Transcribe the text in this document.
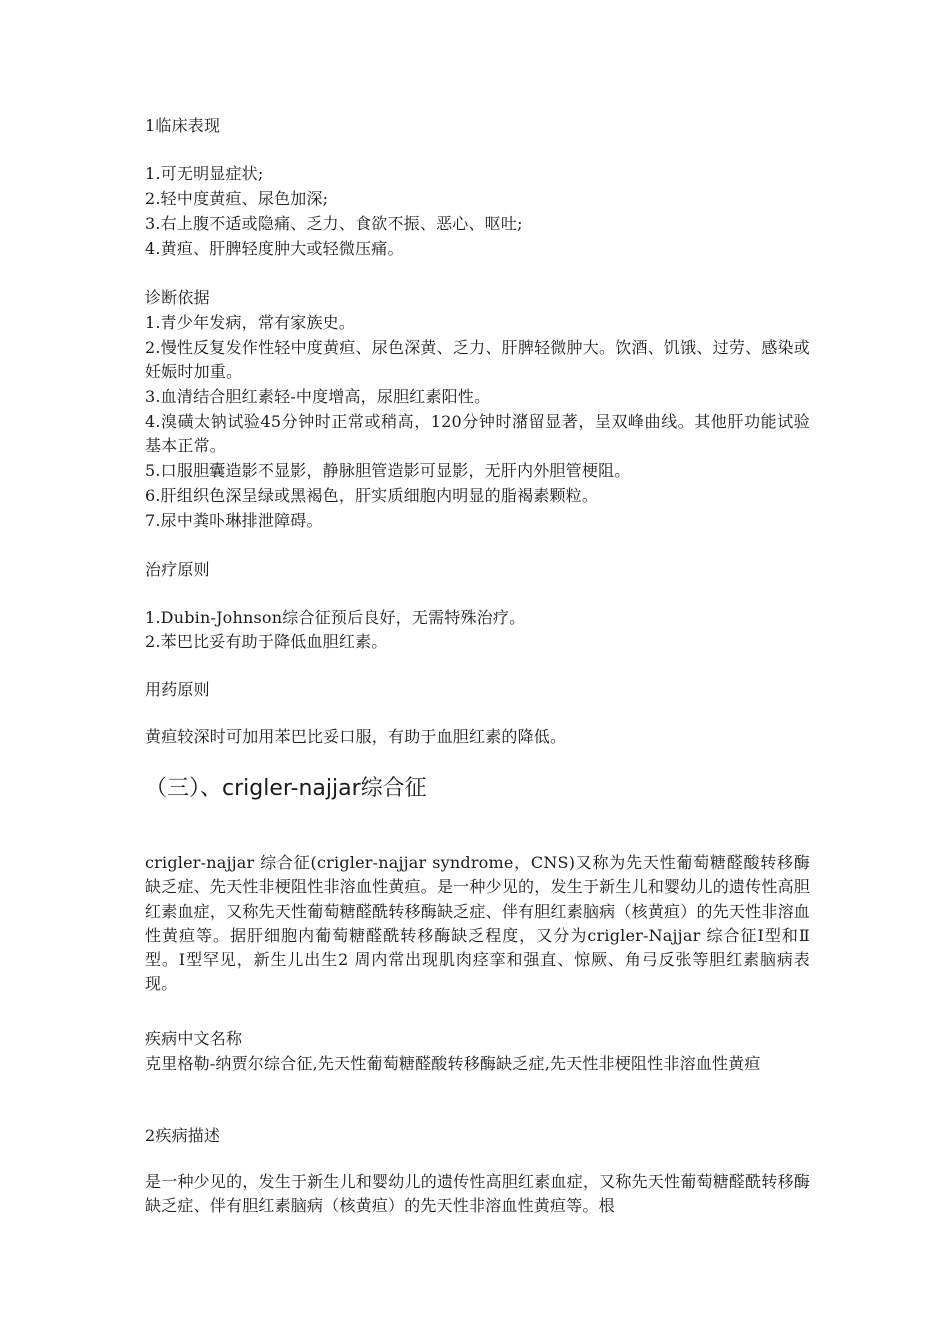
1临床表现
1.可无明显症状;
2.轻中度黄疸、尿色加深;
3.右上腹不适或隐痛、乏力、食欲不振、恶心、呕吐;
4.黄疸、肝脾轻度肿大或轻微压痛。
诊断依据
1.青少年发病，常有家族史。
2.慢性反复发作性轻中度黄疸、尿色深黄、乏力、肝脾轻微肿大。饮酒、饥饿、过劳、感染或妊娠时加重。
3.血清结合胆红素轻-中度增高，尿胆红素阳性。
4.溴磺太钠试验45分钟时正常或稍高，120分钟时潴留显著，呈双峰曲线。其他肝功能试验基本正常。
5.口服胆囊造影不显影，静脉胆管造影可显影，无肝内外胆管梗阻。
6.肝组织色深呈绿或黑褐色，肝实质细胞内明显的脂褐素颗粒。
7.尿中粪卟琳排泄障碍。
治疗原则
1.Dubin-Johnson综合征预后良好，无需特殊治疗。
2.苯巴比妥有助于降低血胆红素。
用药原则
黄疸较深时可加用苯巴比妥口服，有助于血胆红素的降低。
（三）、crigler-najjar综合征
crigler-najjar 综合征(crigler-najjar syndrome，CNS)又称为先天性葡萄糖醛酸转移酶缺乏症、先天性非梗阻性非溶血性黄疸。是一种少见的，发生于新生儿和婴幼儿的遗传性高胆红素血症，又称先天性葡萄糖醛酰转移酶缺乏症、伴有胆红素脑病（核黄疸）的先天性非溶血性黄疸等。据肝细胞内葡萄糖醛酰转移酶缺乏程度，又分为crigler-Najjar 综合征Ⅰ型和Ⅱ型。Ⅰ型罕见，新生儿出生2 周内常出现肌肉痉挛和强直、惊厥、角弓反张等胆红素脑病表现。
疾病中文名称
克里格勒-纳贾尔综合征,先天性葡萄糖醛酸转移酶缺乏症,先天性非梗阻性非溶血性黄疸
2疾病描述
是一种少见的，发生于新生儿和婴幼儿的遗传性高胆红素血症，又称先天性葡萄糖醛酰转移酶缺乏症、伴有胆红素脑病（核黄疸）的先天性非溶血性黄疸等。根
